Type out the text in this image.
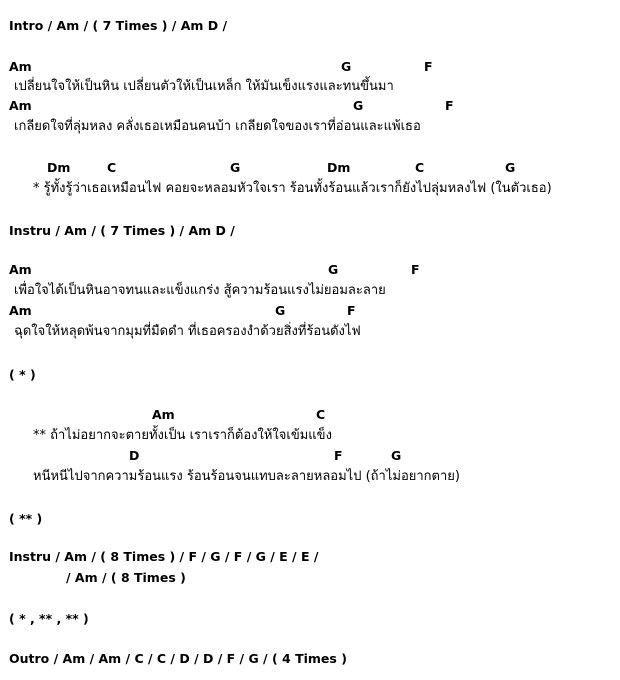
Intro / Am / ( 7 Times ) / Am D /
Am	G	F
เปลี่ยนใจให้เป็นหิน เปลี่ยนตัวให้เป็นเหล็ก ให้มันเข็งแรงและทนขึ้นมา
Am	G	F
เกลียดใจที่ลุ่มหลง คลั่งเธอเหมือนคนบ้า เกลียดใจของเราที่อ่อนและแพ้เธอ
Dm	C	G	Dm	C	G
* รู้ทั้งรู้ว่าเธอเหมือนไฟ คอยจะหลอมหัวใจเรา ร้อนทั้งร้อนแล้วเราก็ยังไปลุ่มหลงไฟ (ในตัวเธอ)
Instru / Am / ( 7 Times ) / Am D /
Am	G	F
เพื่อใจได้เป็นหินอาจทนและแข็งแกร่ง สู้ความร้อนแรงไม่ยอมละลาย
Am	G	F
ฉุดใจให้หลุดพ้นจากมุมที่มืดดำ ที่เธอครองงำด้วยสิ่งที่ร้อนดังไฟ
( * )
Am	C
** ถ้าไม่อยากจะตายทั้งเป็น เราเราก็ต้องให้ใจเข้มแข็ง
D	F	G
หนีหนีไปจากความร้อนแรง ร้อนร้อนจนแทบละลายหลอมไป (ถ้าไม่อยากตาย)
( ** )
Instru / Am / ( 8 Times ) / F / G / F / G / E / E /
/ Am / ( 8 Times )
( * , ** , ** )
Outro / Am / Am / C / C / D / D / F / G / ( 4 Times )
